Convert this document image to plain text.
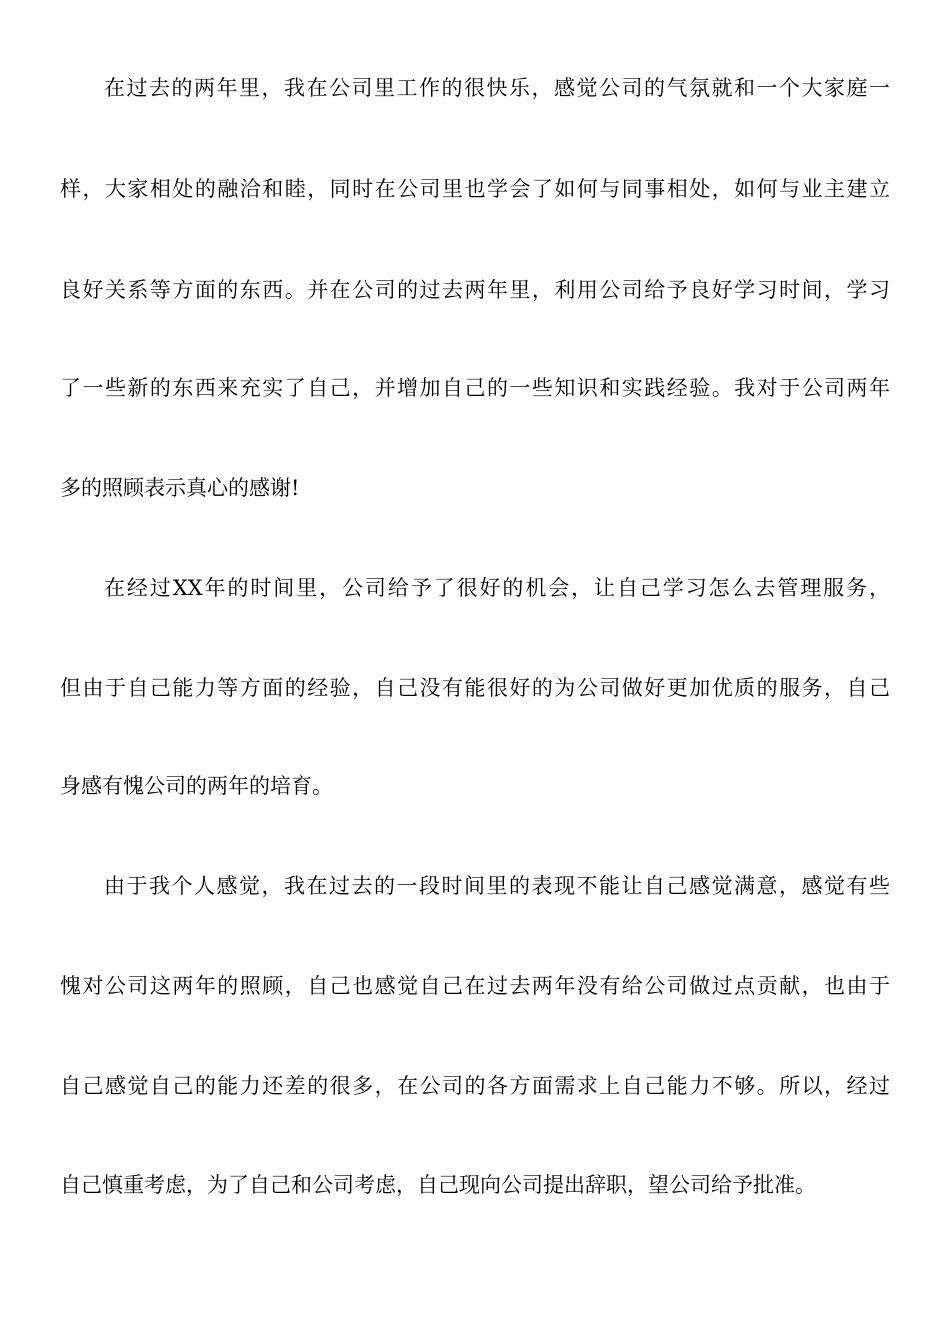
在过去的两年里，我在公司里工作的很快乐，感觉公司的气氛就和一个大家庭一
样，大家相处的融洽和睦，同时在公司里也学会了如何与同事相处，如何与业主建立
良好关系等方面的东西。并在公司的过去两年里，利用公司给予良好学习时间，学习
了一些新的东西来充实了自己，并增加自己的一些知识和实践经验。我对于公司两年
多的照顾表示真心的感谢!
在经过XX年的时间里，公司给予了很好的机会，让自己学习怎么去管理服务，
但由于自己能力等方面的经验，自己没有能很好的为公司做好更加优质的服务，自己
身感有愧公司的两年的培育。
由于我个人感觉，我在过去的一段时间里的表现不能让自己感觉满意，感觉有些
愧对公司这两年的照顾，自己也感觉自己在过去两年没有给公司做过点贡献，也由于
自己感觉自己的能力还差的很多，在公司的各方面需求上自己能力不够。所以，经过
自己慎重考虑，为了自己和公司考虑，自己现向公司提出辞职，望公司给予批准。
